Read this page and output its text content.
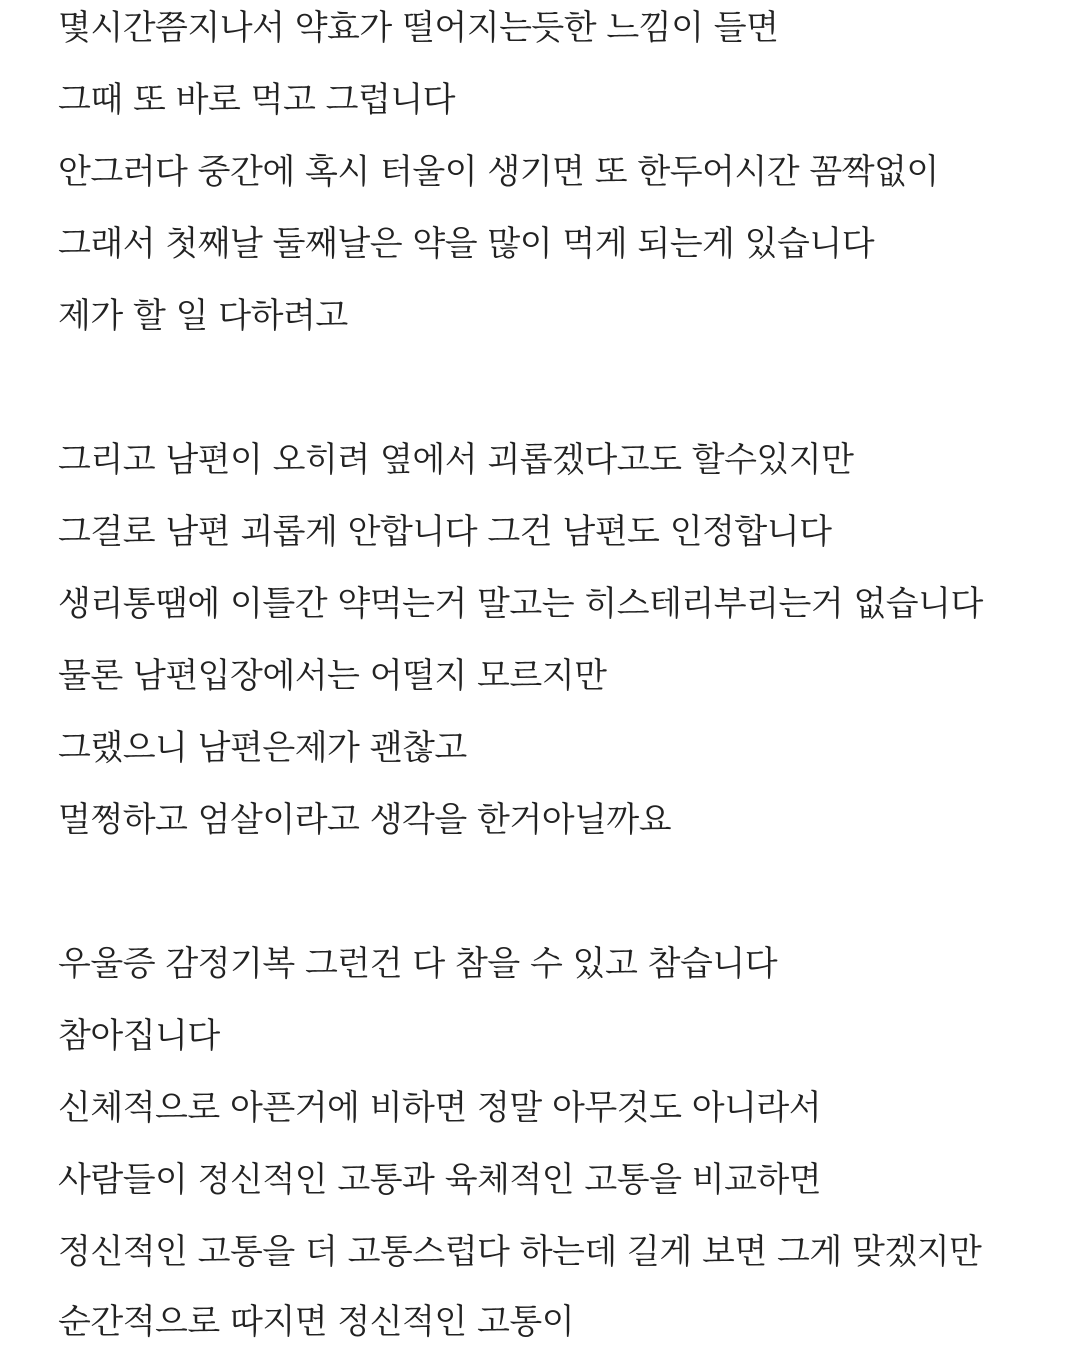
몇시간쯤지나서 약효가 떨어지는듯한 느낌이 들면
그때 또 바로 먹고 그럽니다
안그러다 중간에 혹시 터울이 생기면 또 한두어시간 꼼짝없이
그래서 첫째날 둘째날은 약을 많이 먹게 되는게 있습니다
제가 할 일 다하려고
그리고 남편이 오히려 옆에서 괴롭겠다고도 할수있지만
그걸로 남편 괴롭게 안합니다 그건 남편도 인정합니다
생리통땜에 이틀간 약먹는거 말고는 히스테리부리는거 없습니다
물론 남편입장에서는 어떨지 모르지만
그랬으니 남편은제가 괜찮고
멀쩡하고 엄살이라고 생각을 한거아닐까요
우울증 감정기복 그런건 다 참을 수 있고 참습니다
참아집니다
신체적으로 아픈거에 비하면 정말 아무것도 아니라서
사람들이 정신적인 고통과 육체적인 고통을 비교하면
정신적인 고통을 더 고통스럽다 하는데 길게 보면 그게 맞겠지만
순간적으로 따지면 정신적인 고통이
